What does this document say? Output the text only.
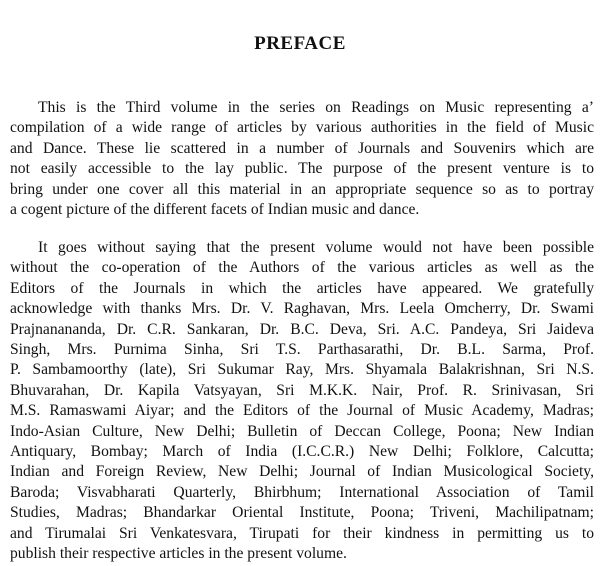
PREFACE
This is the Third volume in the series on Readings on Music representing a’
compilation of a wide range of articles by various authorities in the field of Music
and Dance. These lie scattered in a number of Journals and Souvenirs which are
not easily accessible to the lay public. The purpose of the present venture is to
bring under one cover all this material in an appropriate sequence so as to portray
a cogent picture of the different facets of Indian music and dance.
It goes without saying that the present volume would not have been possible
without the co-operation of the Authors of the various articles as well as the
Editors of the Journals in which the articles have appeared. We gratefully
acknowledge with thanks Mrs. Dr. V. Raghavan, Mrs. Leela Omcherry, Dr. Swami
Prajnanananda, Dr. C.R. Sankaran, Dr. B.C. Deva, Sri. A.C. Pandeya, Sri Jaideva
Singh, Mrs. Purnima Sinha, Sri T.S. Parthasarathi, Dr. B.L. Sarma, Prof.
P. Sambamoorthy (late), Sri Sukumar Ray, Mrs. Shyamala Balakrishnan, Sri N.S.
Bhuvarahan, Dr. Kapila Vatsyayan, Sri M.K.K. Nair, Prof. R. Srinivasan, Sri
M.S. Ramaswami Aiyar; and the Editors of the Journal of Music Academy, Madras;
Indo-Asian Culture, New Delhi; Bulletin of Deccan College, Poona; New Indian
Antiquary, Bombay; March of India (I.C.C.R.) New Delhi; Folklore, Calcutta;
Indian and Foreign Review, New Delhi; Journal of Indian Musicological Society,
Baroda; Visvabharati Quarterly, Bhirbhum; International Association of Tamil
Studies, Madras; Bhandarkar Oriental Institute, Poona; Triveni, Machilipatnam;
and Tirumalai Sri Venkatesvara, Tirupati for their kindness in permitting us to
publish their respective articles in the present volume.
